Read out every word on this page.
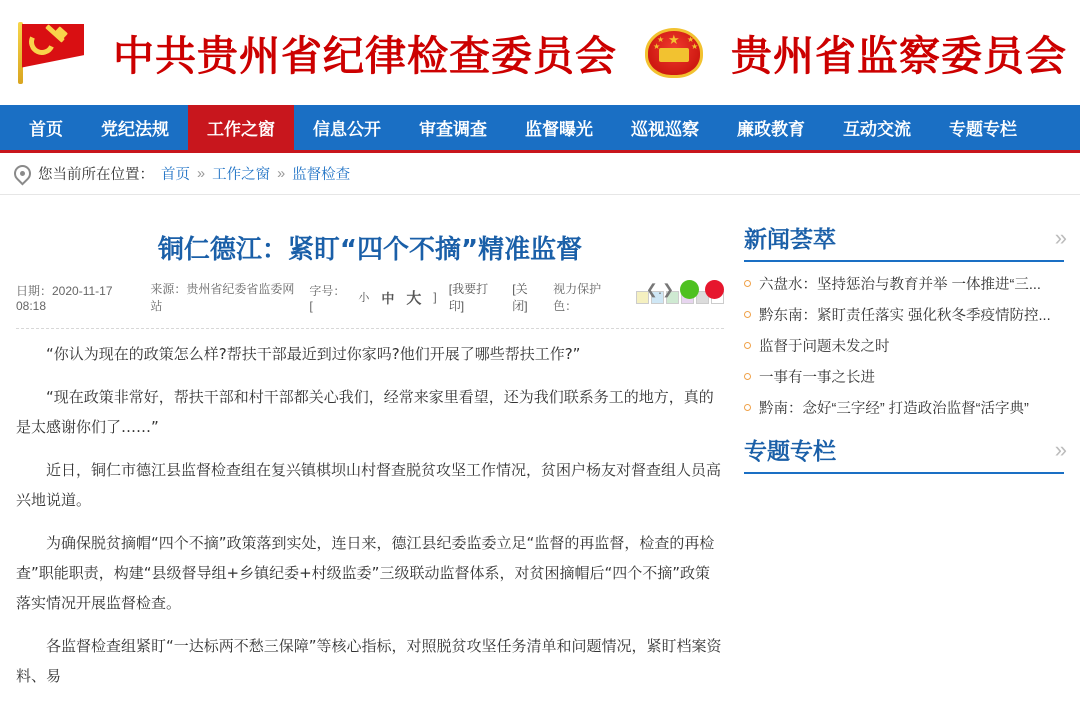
中共贵州省纪律检查委员会	★
★
★
★
★ 贵州省监察委员会
首页	党纪法规	工作之窗	信息公开	审查调查	监督曝光	巡视巡察	廉政教育	互动交流	专题专栏
您当前所在位置： 首页 » 工作之窗 » 监督检查
铜仁德江：紧盯“四个不摘”精准监督
日期：2020-11-17 08:18
来源：贵州省纪委省监委网站
字号：[
小 中 大 ]
[我要打印]
[关闭]
视力保护色：
❮․❯

“你认为现在的政策怎么样?帮扶干部最近到过你家吗?他们开展了哪些帮扶工作?”

“现在政策非常好，帮扶干部和村干部都关心我们，经常来家里看望，还为我们联系务工的地方，真的是太感谢你们了……”

近日，铜仁市德江县监督检查组在复兴镇棋坝山村督查脱贫攻坚工作情况，贫困户杨友对督查组人员高兴地说道。

为确保脱贫摘帽“四个不摘”政策落到实处，连日来，德江县纪委监委立足“监督的再监督，检查的再检查”职能职责，构建“县级督导组+乡镇纪委+村级监委”三级联动监督体系，对贫困摘帽后“四个不摘”政策落实情况开展监督检查。

各监督检查组紧盯“一达标两不愁三保障”等核心指标，对照脱贫攻坚任务清单和问题情况，紧盯档案资料、易

新闻荟萃	»
六盘水：坚持惩治与教育并举 一体推进“三...
黔东南：紧盯责任落实 强化秋冬季疫情防控...
监督于问题未发之时
一事有一事之长进
黔南：念好“三字经” 打造政治监督“活字典”
专题专栏	»
